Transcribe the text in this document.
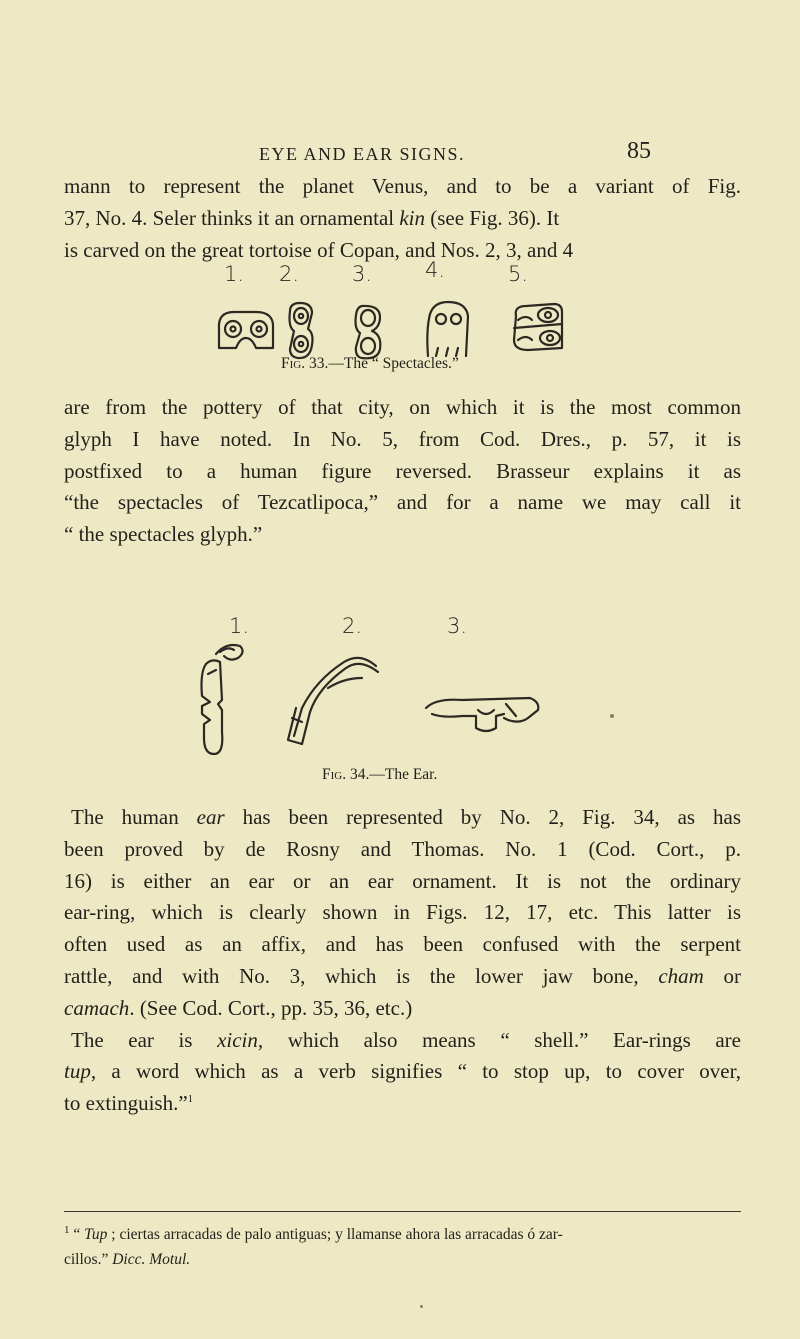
EYE AND EAR SIGNS.	85
mann to represent the planet Venus, and to be a variant of Fig.
37, No. 4. Seler thinks it an ornamental kin (see Fig. 36). It
is carved on the great tortoise of Copan, and Nos. 2, 3, and 4
1. 2.	3.	4.	5.
Fig. 33.—The “ Spectacles.”
are from the pottery of that city, on which it is the most common
glyph I have noted. In No. 5, from Cod. Dres., p. 57, it is
postfixed to a human figure reversed. Brasseur explains it as
“the spectacles of Tezcatlipoca,” and for a name we may call it
“ the spectacles glyph.”
1.	2.	3.
Fig. 34.—The Ear.
The human ear has been represented by No. 2, Fig. 34, as has
been proved by de Rosny and Thomas. No. 1 (Cod. Cort., p.
16) is either an ear or an ear ornament. It is not the ordinary
ear-ring, which is clearly shown in Figs. 12, 17, etc. This latter is
often used as an affix, and has been confused with the serpent
rattle, and with No. 3, which is the lower jaw bone, cham or
camach. (See Cod. Cort., pp. 35, 36, etc.)
The ear is xicin, which also means “ shell.” Ear-rings are
tup, a word which as a verb signifies “ to stop up, to cover over,
to extinguish.”$^1$
$^1$ “ Tup ; ciertas arracadas de palo antiguas; y llamanse ahora las arracadas ó zar-
cillos.” Dicc. Motul.
